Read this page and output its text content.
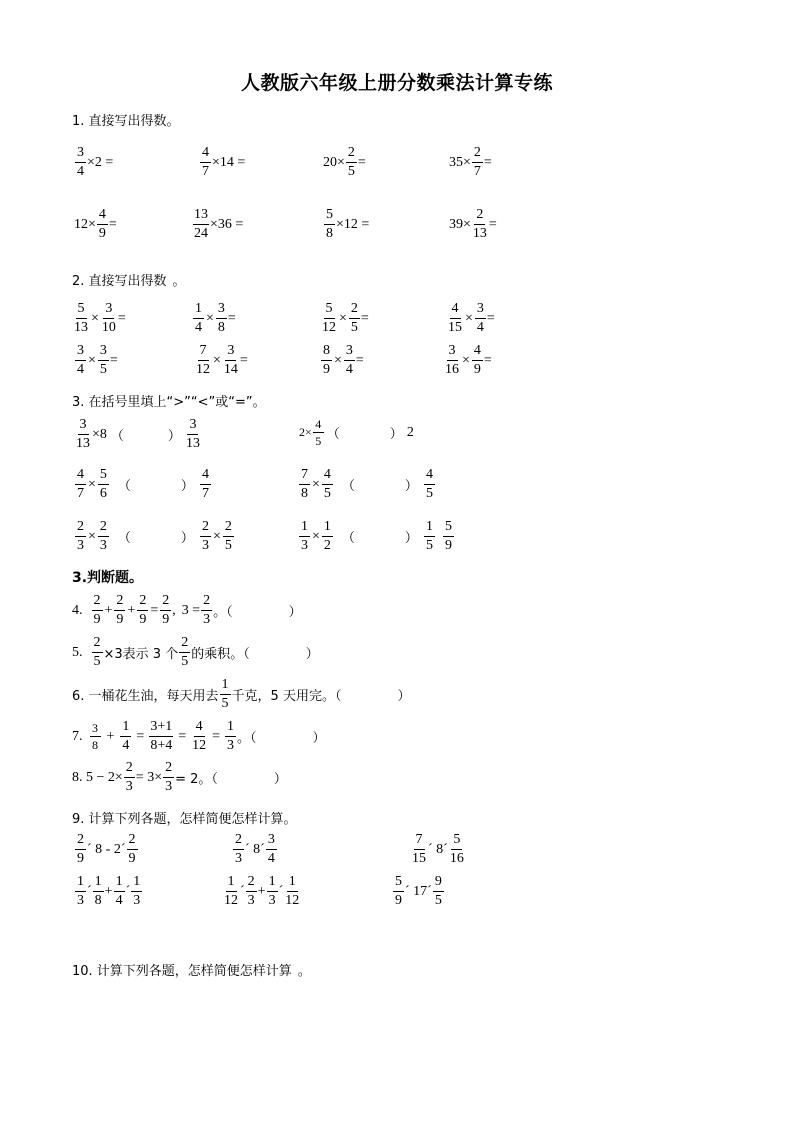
人教版六年级上册分数乘法计算专练
1. 直接写出得数。
$\frac{3}{4} \times 2$ =	$\frac{4}{7} \times 14$ =	$20\times \frac{2}{5}$ =	$35\times \frac{2}{7}$ =
$12\times \frac{4}{9}$ =	$\frac{13}{24} \times 36$ =	$\frac{5}{8} \times 12$ =	$39\times \frac{2}{13}$ =
2. 直接写出得数 。
$\frac{5}{13} \times \frac{3}{10}$ =	$\frac{1}{4} \times \frac{3}{8}$ =	$\frac{5}{12} \times \frac{2}{5}$ =	$\frac{4}{15} \times \frac{3}{4}$ =
$\frac{3}{4} \times \frac{3}{5}$ =	$\frac{7}{12} \times \frac{3}{14}$ =	$\frac{8}{9} \times \frac{3}{4}$ =	$\frac{3}{16} \times \frac{4}{9}$ =
3. 在括号里填上“>”“<”或“=”。
$\frac{3}{13} \times 8$ （	） $\frac{3}{13}$	$2\times \frac{4}{5}$ （	） 2
$\frac{4}{7} \times \frac{5}{6}$ （	） $\frac{4}{7}$	$\frac{7}{8} \times \frac{4}{5}$ （	） $\frac{4}{5}$
$\frac{2}{3} \times \frac{2}{3}$ （	） $\frac{2}{3} \times \frac{2}{5}$	$\frac{1}{3} \times \frac{1}{2}$ （	） $\frac{1}{5} \frac{5}{9}$
3.判断题。
4. $\frac{2}{9} + \frac{2}{9} + \frac{2}{9} = \frac{2}{9}$ , $3 = \frac{2}{3}$ 。（	）
5. $\frac{2}{5} \times 3$表示 3 个 $\frac{2}{5}$ 的乘积。（	）
6. 一桶花生油，每天用去 $\frac{1}{5}$ 千克，5 天用完 。（	）
7. $\frac{3}{8} + \frac{1}{4} = \frac{3+1}{8+4} = \frac{4}{12} = \frac{1}{3}$ 。（	）
8. $5 - 2\times \frac{2}{3} = 3\times \frac{2}{3} = 2$。（	）
9. 计算下列各题，怎样简便怎样计算。
$\frac{2}{9}$ ´ 8 - 2´ $\frac{2}{9}$	$\frac{2}{3}$ ´ 8´ $\frac{3}{4}$	$\frac{7}{15}$ ´ 8´ $\frac{5}{16}$
$\frac{1}{3}$ ´ $\frac{1}{8} + \frac{1}{4}$ ´ $\frac{1}{3}$	$\frac{1}{12}$ ´ $\frac{2}{3} + \frac{1}{3}$ ´ $\frac{1}{12}$	$\frac{5}{9}$ ´ 17´ $\frac{9}{5}$
10. 计算下列各题，怎样简便怎样计算 。
